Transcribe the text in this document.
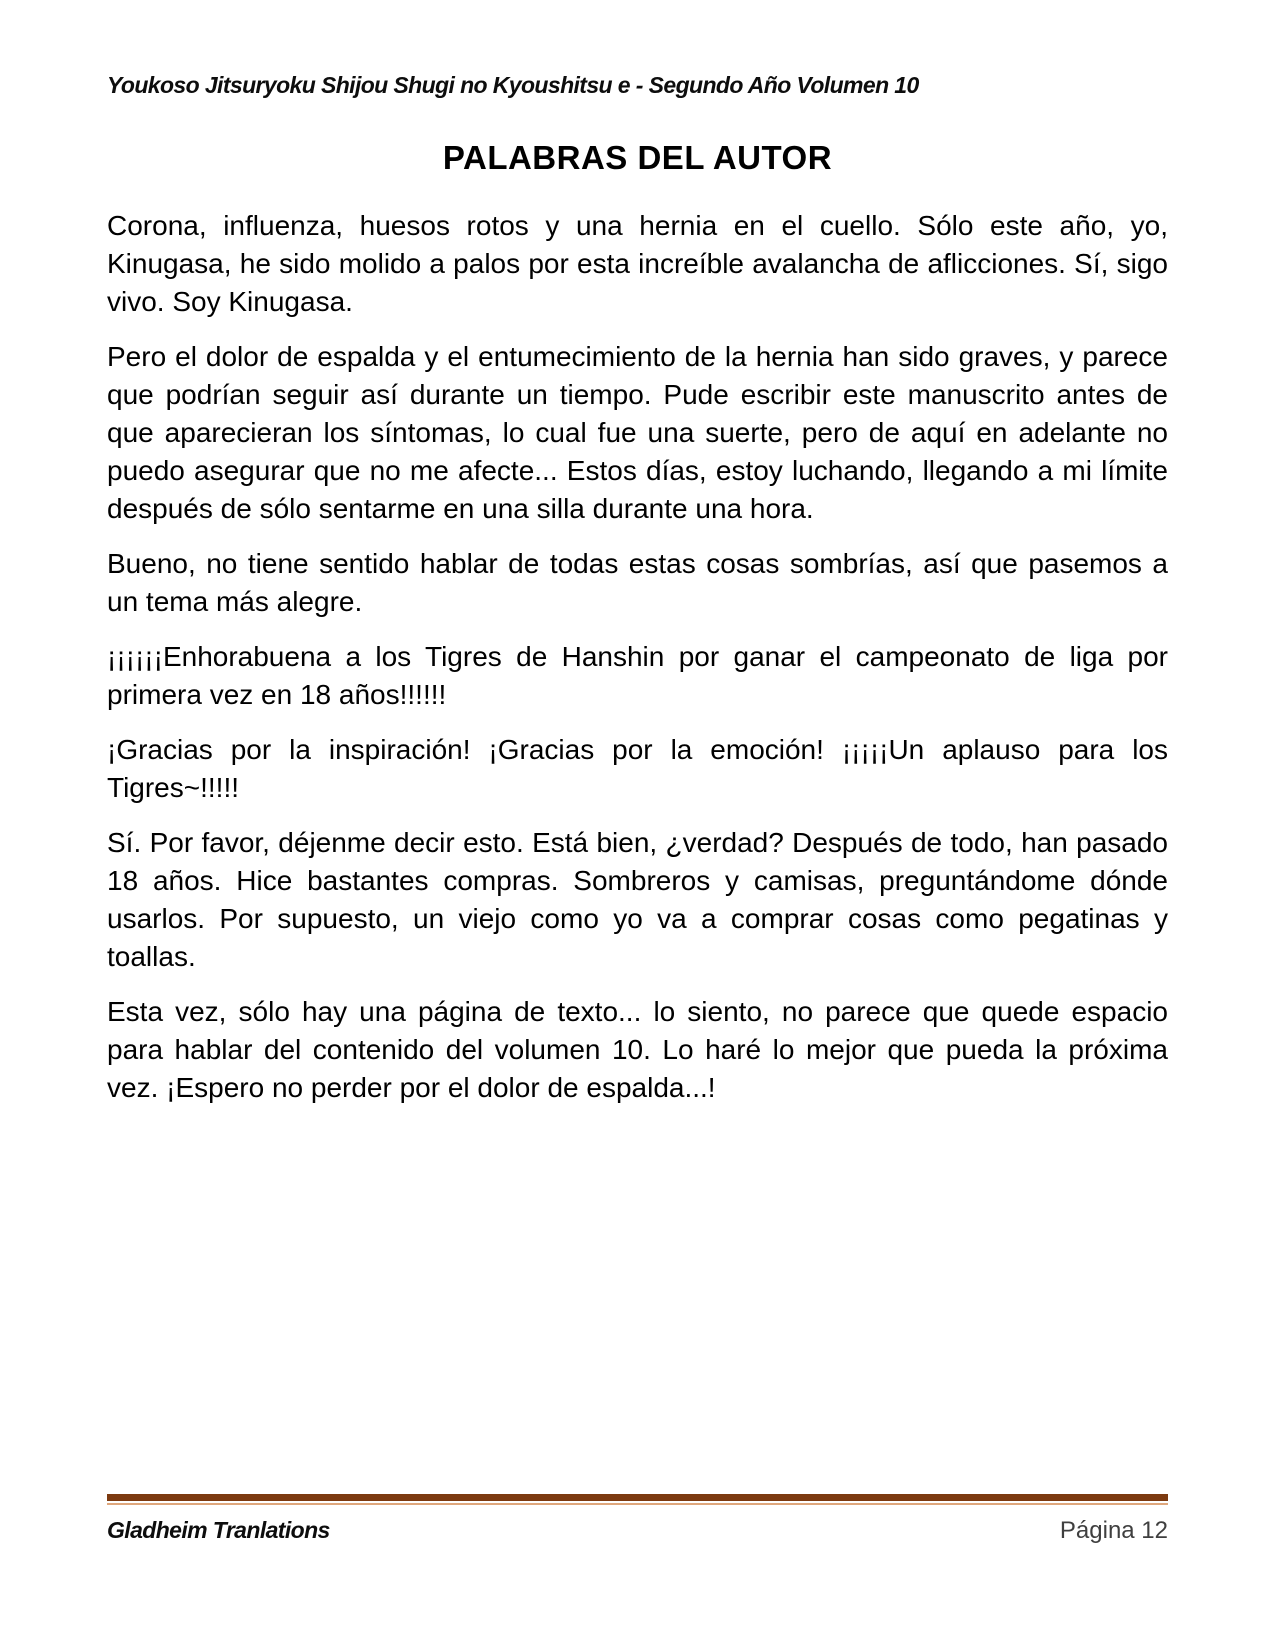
Youkoso Jitsuryoku Shijou Shugi no Kyoushitsu e - Segundo Año Volumen 10
PALABRAS DEL AUTOR

Corona, influenza, huesos rotos y una hernia en el cuello. Sólo este año, yo, Kinugasa, he sido molido a palos por esta increíble avalancha de aflicciones. Sí, sigo vivo. Soy Kinugasa.

Pero el dolor de espalda y el entumecimiento de la hernia han sido graves, y parece que podrían seguir así durante un tiempo. Pude escribir este manuscrito antes de que aparecieran los síntomas, lo cual fue una suerte, pero de aquí en adelante no puedo asegurar que no me afecte... Estos días, estoy luchando, llegando a mi límite después de sólo sentarme en una silla durante una hora.

Bueno, no tiene sentido hablar de todas estas cosas sombrías, así que pasemos a un tema más alegre.

¡¡¡¡¡¡Enhorabuena a los Tigres de Hanshin por ganar el campeonato de liga por primera vez en 18 años!!!!!!

¡Gracias por la inspiración! ¡Gracias por la emoción! ¡¡¡¡¡Un aplauso para los Tigres~!!!!!

Sí. Por favor, déjenme decir esto. Está bien, ¿verdad? Después de todo, han pasado 18 años. Hice bastantes compras. Sombreros y camisas, preguntándome dónde usarlos. Por supuesto, un viejo como yo va a comprar cosas como pegatinas y toallas.

Esta vez, sólo hay una página de texto... lo siento, no parece que quede espacio para hablar del contenido del volumen 10. Lo haré lo mejor que pueda la próxima vez. ¡Espero no perder por el dolor de espalda...!

Gladheim Tranlations	Página 12
